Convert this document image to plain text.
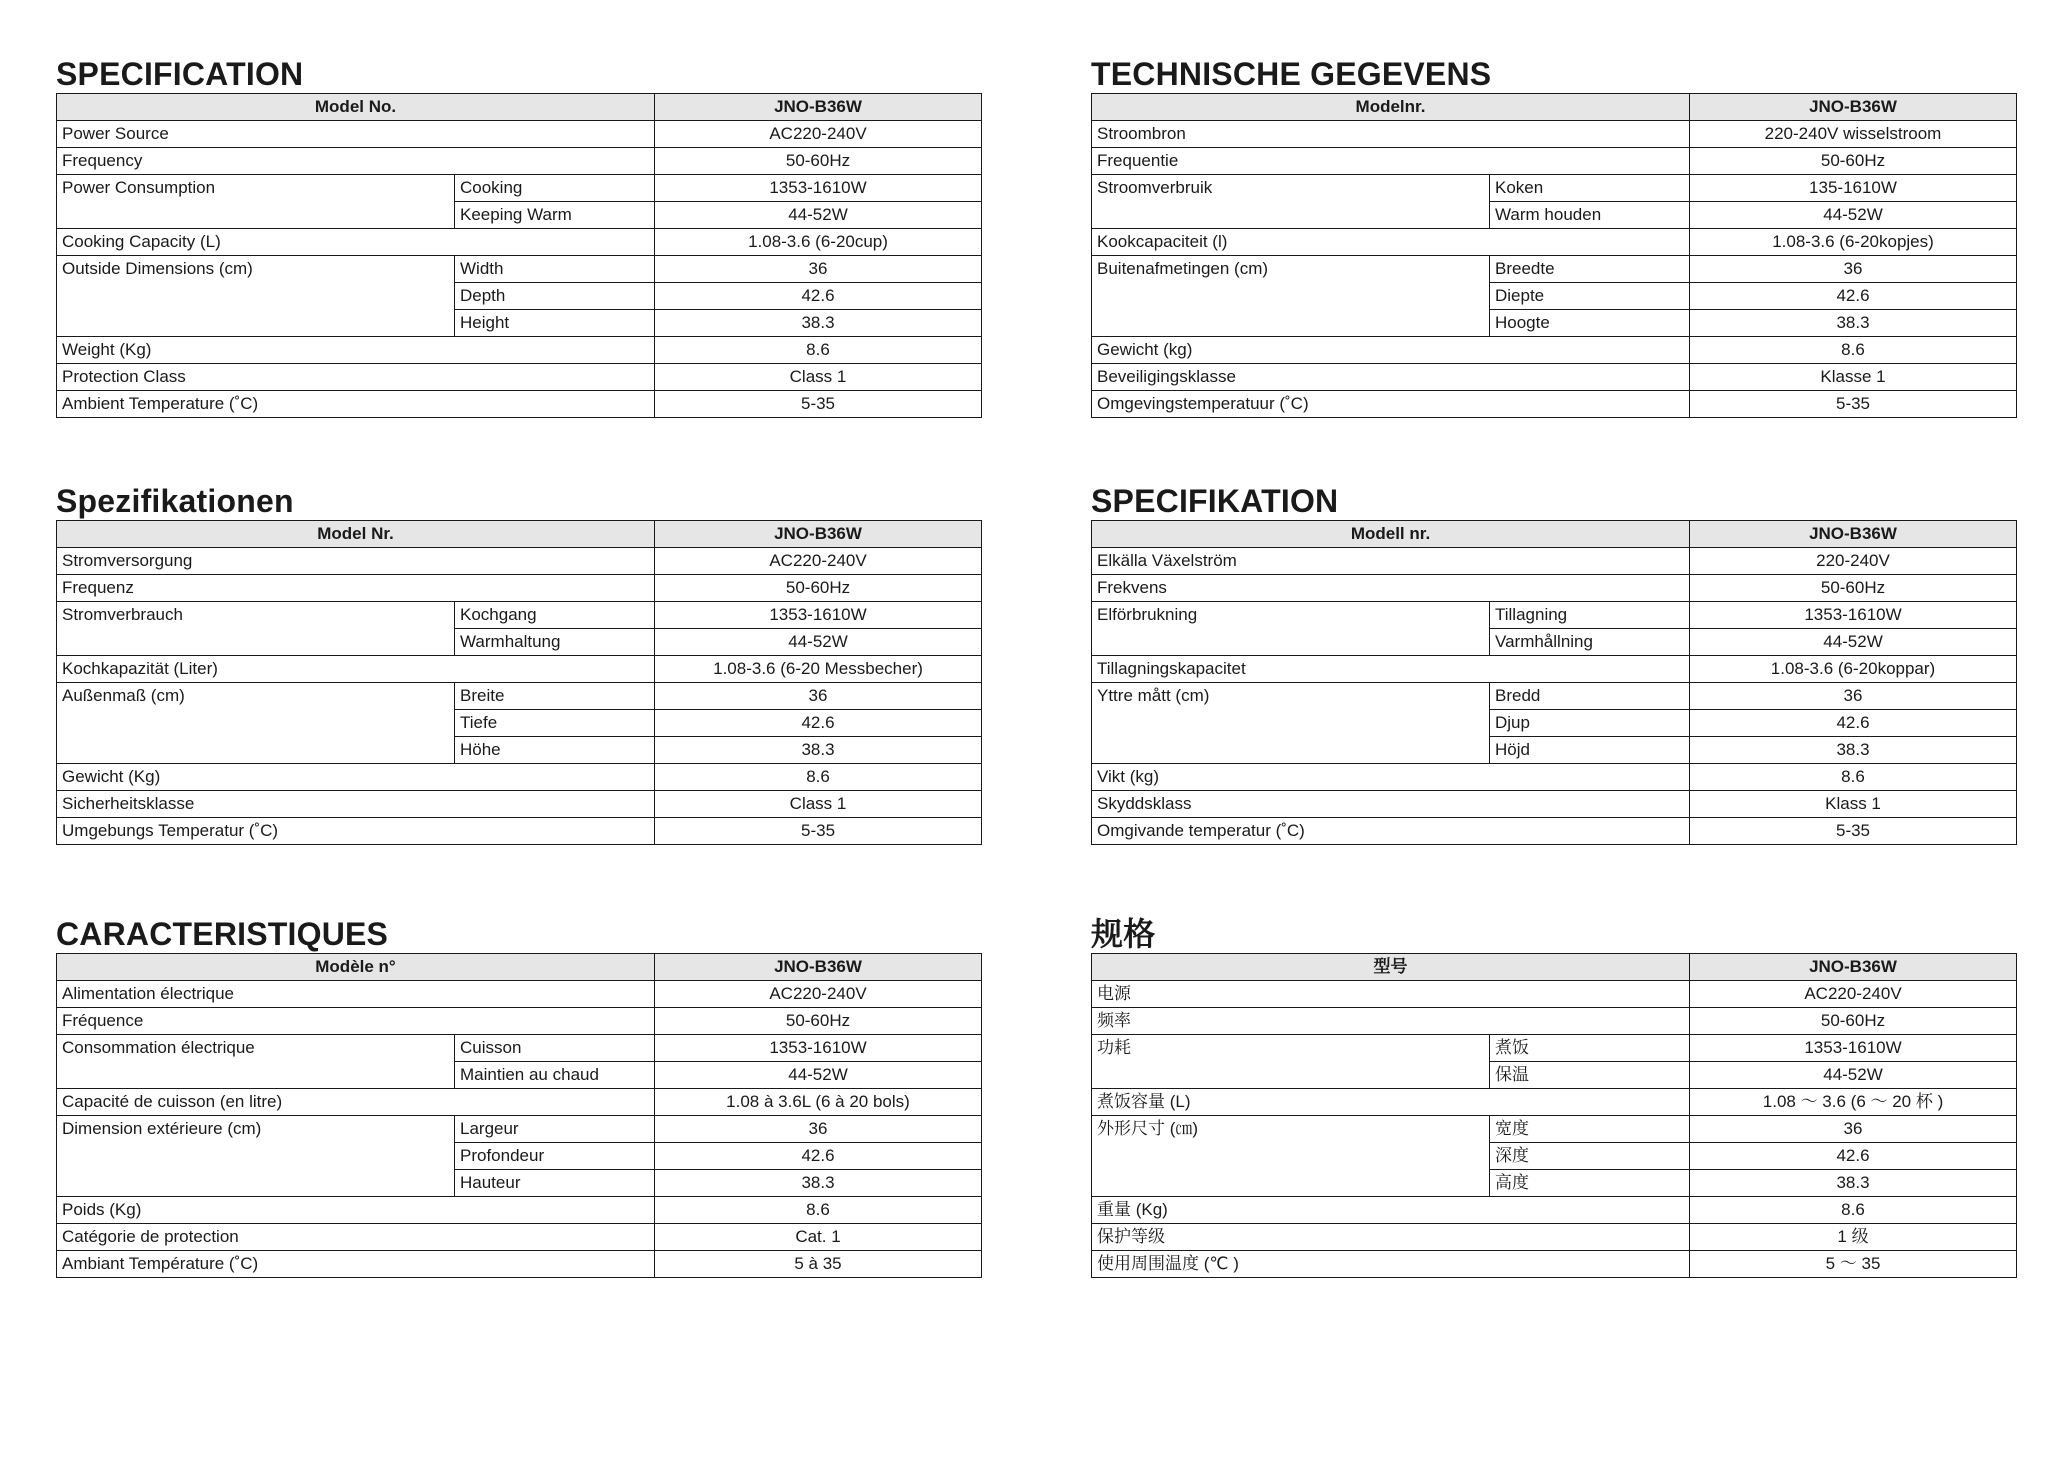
SPECIFICATION
Model No.		JNO-B36W
Power Source		AC220-240V
Frequency		50-60Hz
Power Consumption	Cooking	1353-1610W
	Keeping Warm	44-52W
Cooking Capacity (L)		1.08-3.6 (6-20cup)
Outside Dimensions (cm)	Width	36
	Depth	42.6
	Height	38.3
Weight (Kg)		8.6
Protection Class		Class 1
Ambient Temperature (˚C)		5-35
TECHNISCHE GEGEVENS
Modelnr.		JNO-B36W
Stroombron		220-240V wisselstroom
Frequentie		50-60Hz
Stroomverbruik	Koken	135-1610W
	Warm houden	44-52W
Kookcapaciteit (l)		1.08-3.6 (6-20kopjes)
Buitenafmetingen (cm)	Breedte	36
	Diepte	42.6
	Hoogte	38.3
Gewicht (kg)		8.6
Beveiligingsklasse		Klasse 1
Omgevingstemperatuur (˚C)		5-35
Spezifikationen
Model Nr.		JNO-B36W
Stromversorgung		AC220-240V
Frequenz		50-60Hz
Stromverbrauch	Kochgang	1353-1610W
	Warmhaltung	44-52W
Kochkapazität (Liter)		1.08-3.6 (6-20 Messbecher)
Außenmaß (cm)	Breite	36
	Tiefe	42.6
	Höhe	38.3
Gewicht (Kg)		8.6
Sicherheitsklasse		Class 1
Umgebungs Temperatur (˚C)		5-35
SPECIFIKATION
Modell nr.		JNO-B36W
Elkälla Växelström		220-240V
Frekvens		50-60Hz
Elförbrukning	Tillagning	1353-1610W
	Varmhållning	44-52W
Tillagningskapacitet		1.08-3.6 (6-20koppar)
Yttre mått (cm)	Bredd	36
	Djup	42.6
	Höjd	38.3
Vikt (kg)		8.6
Skyddsklass		Klass 1
Omgivande temperatur (˚C)		5-35
CARACTERISTIQUES
Modèle n°		JNO-B36W
Alimentation électrique		AC220-240V
Fréquence		50-60Hz
Consommation électrique	Cuisson	1353-1610W
	Maintien au chaud	44-52W
Capacité de cuisson (en litre)		1.08 à 3.6L (6 à 20 bols)
Dimension extérieure (cm)	Largeur	36
	Profondeur	42.6
	Hauteur	38.3
Poids (Kg)		8.6
Catégorie de protection		Cat. 1
Ambiant Température (˚C)		5 à 35
规格
型号		JNO-B36W
电源		AC220-240V
频率		50-60Hz
功耗	煮饭	1353-1610W
	保温	44-52W
煮饭容量 (L)		1.08 ～ 3.6 (6 ～ 20 杯 )
外形尺寸 (㎝)	宽度	36
	深度	42.6
	高度	38.3
重量 (Kg)		8.6
保护等级		1 级
使用周围温度 (℃ )		5 ～ 35
